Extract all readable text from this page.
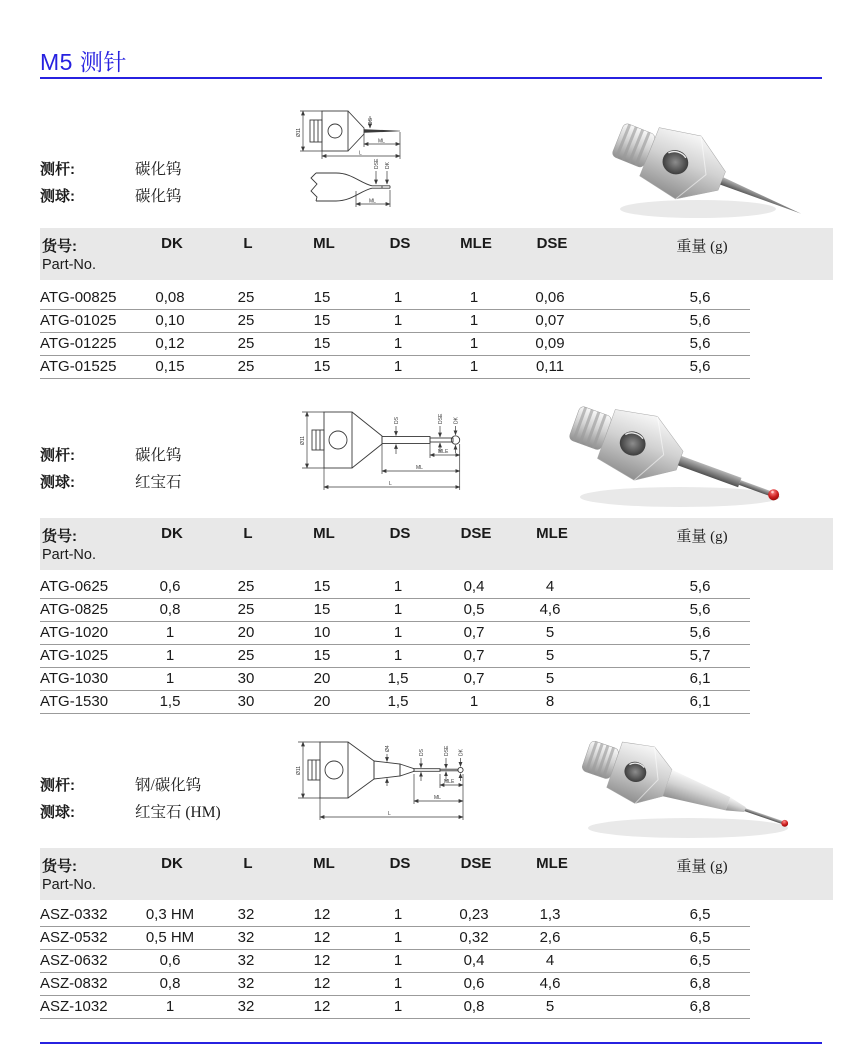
M5 测针
测杆:	碳化钨
测球:	碳化钨
Ø11
DS
ML
L
DSE DK
ML
货号:	DK	L	ML	DS	MLE	DSE	重量 (g)
Part-No.
ATG-00825	0,08	25	15	1	1	0,06	5,6
ATG-01025	0,10	25	15	1	1	0,07	5,6
ATG-01225	0,12	25	15	1	1	0,09	5,6
ATG-01525	0,15	25	15	1	1	0,11	5,6
测杆:	碳化钨
测球:	红宝石
Ø11
DS	DSE DK
MLE
ML
L
货号:	DK	L	ML	DS	DSE	MLE	重量 (g)
Part-No.
ATG-0625	0,6	25	15	1	0,4	4	5,6
ATG-0825	0,8	25	15	1	0,5	4,6	5,6
ATG-1020	1	20	10	1	0,7	5	5,6
ATG-1025	1	25	15	1	0,7	5	5,7
ATG-1030	1	30	20	1,5	0,7	5	6,1
ATG-1530	1,5	30	20	1,5	1	8	6,1
测杆:	钢/碳化钨
测球:	红宝石 (HM)
Ø11
Ø4
DS	DSE DK
MLE
ML
L
货号:	DK	L	ML	DS	DSE	MLE	重量 (g)
Part-No.
ASZ-0332	0,3 HM	32	12	1	0,23	1,3	6,5
ASZ-0532	0,5 HM	32	12	1	0,32	2,6	6,5
ASZ-0632	0,6	32	12	1	0,4	4	6,5
ASZ-0832	0,8	32	12	1	0,6	4,6	6,8
ASZ-1032	1	32	12	1	0,8	5	6,8
